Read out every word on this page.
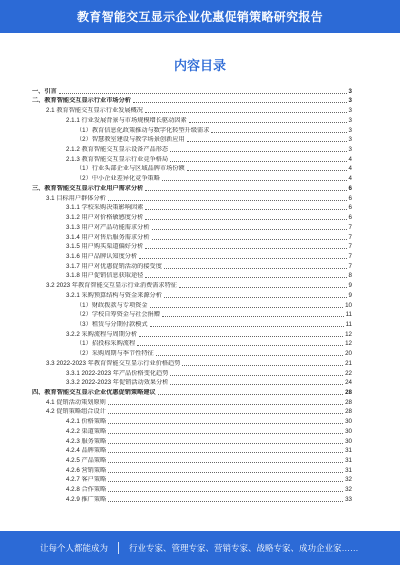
教育智能交互显示企业优惠促销策略研究报告
内容目录
一、引言	3
二、教育智能交互显示行业市场分析	3
2.1 教育智能交互显示行业发展概况	3
2.1.1 行业发展背景与市场规模增长驱动因素	3
（1）教育信息化政策推动与数字化转型升级需求	3
（2）智慧教室建设与教学场景创新应用	3
2.1.2 教育智能交互显示设备产品形态	3
2.1.3 教育智能交互显示行业竞争格局	4
（1）行业头部企业与区域品牌市场份额	4
（2）中小企业差异化竞争策略	4
三、教育智能交互显示行业用户需求分析	6
3.1 目标用户群体分析	6
3.1.1 学校采购决策影响因素	6
3.1.2 用户对价格敏感度分析	6
3.1.3 用户对产品功能需求分析	7
3.1.4 用户对售后服务需求分析	7
3.1.5 用户购买渠道偏好分析	7
3.1.6 用户品牌认知度分析	7
3.1.7 用户对优惠促销活动的接受度	7
3.1.8 用户促销信息获取途径	8
3.2 2023 年教育智能交互显示行业消费需求特征	9
3.2.1 采购预算结构与资金来源分析	9
（1）财政拨款与专项资金	10
（2）学校自筹资金与社会捐赠	11
（3）租赁与分期付款模式	11
3.2.2 采购流程与周期分析	12
（1）招投标采购流程	12
（2）采购周期与季节性特征	20
3.3 2022-2023 年教育智能交互显示行业价格趋势	21
3.3.1 2022-2023 年产品价格变化趋势	22
3.3.2 2022-2023 年促销活动效果分析	24
四、教育智能交互显示企业优惠促销策略建议	28
4.1 促销活动策划原则	28
4.2 促销策略组合设计	28
4.2.1 价格策略	30
4.2.2 渠道策略	30
4.2.3 服务策略	30
4.2.4 品牌策略	31
4.2.5 产品策略	31
4.2.6 营销策略	31
4.2.7 客户策略	32
4.2.8 合作策略	32
4.2.9 推广策略	33
让每个人都能成为 行业专家、管理专家、营销专家、战略专家、成功企业家……
